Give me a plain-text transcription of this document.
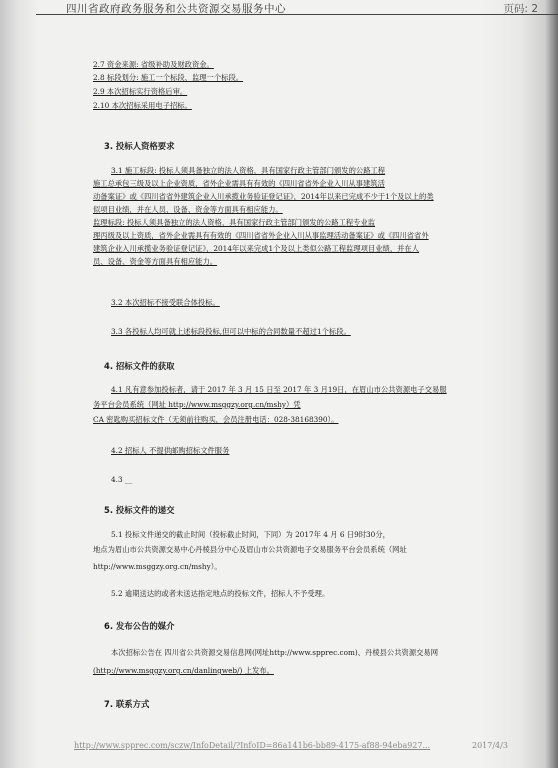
四川省政府政务服务和公共资源交易服务中心	页码: 2
2.7 资金来源: 省级补助及财政资金。
2.8 标段划分: 施工一个标段、监理一个标段。
2.9 本次招标实行资格后审。
2.10 本次招标采用电子招标。
3. 投标人资格要求
3.1 施工标段: 投标人须具备独立的法人资格，具有国家行政主管部门颁发的公路工程
施工总承包三级及以上企业资质，省外企业需具有有效的《四川省省外企业入川从事建筑活
动备案证》或《四川省省外建筑企业入川承揽业务验证登记证》，2014年以来已完成不少于1个及以上的类
似项目业绩，并在人员、设备、资金等方面具有相应能力。
监理标段: 投标人须具备独立的法人资格，具有国家行政主管部门颁发的公路工程专业监
理丙级及以上资质，省外企业需具有有效的《四川省省外企业入川从事监理活动备案证》或《四川省省外
建筑企业入川承揽业务验证登记证》，2014年以来完成1个及以上类似公路工程监理项目业绩，并在人
员、设备、资金等方面具有相应能力。
3.2 本次招标不接受联合体投标。
3.3 各投标人均可就上述标段投标,但可以中标的合同数量不超过1个标段。
4. 招标文件的获取
4.1 凡有意参加投标者，请于 2017 年 3 月 15 日至 2017 年 3 月19日，在眉山市公共资源电子交易服
务平台会员系统（网址 http://www.msggzy.org.cn/mshy）凭
CA 密匙购买招标文件（无须前往购买，会员注册电话：028-38168390）。
4.2 招标人 不提供邮购招标文件服务
4.3 __
5. 投标文件的递交
5.1 投标文件递交的截止时间（投标截止时间，下同）为 2017年 4 月 6 日9时30分，
地点为眉山市公共资源交易中心丹棱县分中心及眉山市公共资源电子交易服务平台会员系统（网址
http://www.msggzy.org.cn/mshy）。
5.2 逾期送达的或者未送达指定地点的投标文件，招标人不予受理。
6. 发布公告的媒介
本次招标公告在 四川省公共资源交易信息网(网址http://www.spprec.com)、丹棱县公共资源交易网
(http://www.msggzy.org.cn/danlingweb/) 上发布。
7. 联系方式
http://www.spprec.com/sczw/InfoDetail/?InfoID=86a141b6-bb89-4175-af88-94eba927...	2017/4/3
